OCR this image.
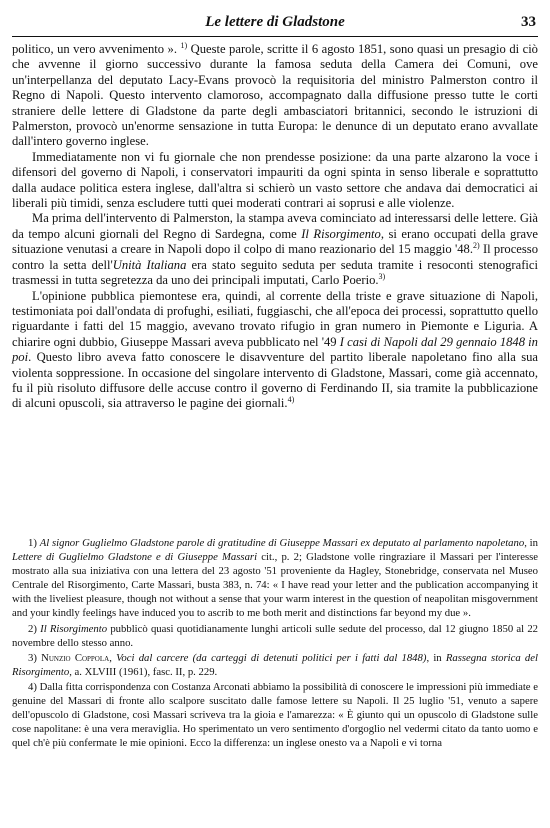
Le lettere di Gladstone	33

politico, un vero avvenimento ». $^{1)}$ Queste parole, scritte il 6 agosto 1851, sono quasi un presagio di ciò che avvenne il giorno successivo durante la famosa seduta della Camera dei Comuni, ove un'interpellanza del deputato Lacy-Evans provocò la requisitoria del ministro Palmerston contro il Regno di Napoli. Questo intervento clamoroso, accompagnato dalla diffusione presso tutte le corti straniere delle lettere di Gladstone da parte degli ambasciatori britannici, secondo le istruzioni di Palmerston, provocò un'enorme sensazione in tutta Europa: le denunce di un deputato erano avvallate dall'intero governo inglese.

Immediatamente non vi fu giornale che non prendesse posizione: da una parte alzarono la voce i difensori del governo di Napoli, i conservatori impauriti da ogni spinta in senso liberale e soprattutto dalla audace politica estera inglese, dall'altra si schierò un vasto settore che andava dai democratici ai liberali più timidi, senza escludere tutti quei moderati contrari ai soprusi e alle violenze.

Ma prima dell'intervento di Palmerston, la stampa aveva cominciato ad interessarsi delle lettere. Già da tempo alcuni giornali del Regno di Sardegna, come Il Risorgimento, si erano occupati della grave situazione venutasi a creare in Napoli dopo il colpo di mano reazionario del 15 maggio '48.$^{2)}$ Il processo contro la setta dell'Unità Italiana era stato seguito seduta per seduta tramite i resoconti stenografici trasmessi in tutta segretezza da uno dei principali imputati, Carlo Poerio.$^{3)}$

L'opinione pubblica piemontese era, quindi, al corrente della triste e grave situazione di Napoli, testimoniata poi dall'ondata di profughi, esiliati, fuggiaschi, che all'epoca dei processi, soprattutto quello riguardante i fatti del 15 maggio, avevano trovato rifugio in gran numero in Piemonte e Liguria. A chiarire ogni dubbio, Giuseppe Massari aveva pubblicato nel '49 I casi di Napoli dal 29 gennaio 1848 in poi. Questo libro aveva fatto conoscere le disavventure del partito liberale napoletano fino alla sua violenta soppressione. In occasione del singolare intervento di Gladstone, Massari, come già accennato, fu il più risoluto diffusore delle accuse contro il governo di Ferdinando II, sia tramite la pubblicazione di alcuni opuscoli, sia attraverso le pagine dei giornali.$^{4)}$

1) Al signor Guglielmo Gladstone parole di gratitudine di Giuseppe Massari ex deputato al parlamento napoletano, in Lettere di Guglielmo Gladstone e di Giuseppe Massari cit., p. 2; Gladstone volle ringraziare il Massari per l'interesse mostrato alla sua iniziativa con una lettera del 23 agosto '51 proveniente da Hagley, Stonebridge, conservata nel Museo Centrale del Risorgimento, Carte Massari, busta 383, n. 74: « I have read your letter and the publication accompanying it with the liveliest pleasure, though not without a sense that your warm interest in the question of neapolitan misgovernment and your kindly feelings have induced you to ascrib to me both merit and distinctions far beyond my due ».

2) Il Risorgimento pubblicò quasi quotidianamente lunghi articoli sulle sedute del processo, dal 12 giugno 1850 al 22 novembre dello stesso anno.

3) Nunzio Coppola, Voci dal carcere (da carteggi di detenuti politici per i fatti dal 1848), in Rassegna storica del Risorgimento, a. XLVIII (1961), fasc. II, p. 229.

4) Dalla fitta corrispondenza con Costanza Arconati abbiamo la possibilità di conoscere le impressioni più immediate e genuine del Massari di fronte allo scalpore suscitato dalle famose lettere su Napoli. Il 25 luglio '51, venuto a sapere dell'opuscolo di Gladstone, così Massari scriveva tra la gioia e l'amarezza: « È giunto qui un opuscolo di Gladstone sulle cose napolitane: è una vera meraviglia. Ho sperimentato un vero sentimento d'orgoglio nel vedermi citato da tanto uomo e quel ch'è più confermate le mie opinioni. Ecco la differenza: un inglese onesto va a Napoli e vi torna
